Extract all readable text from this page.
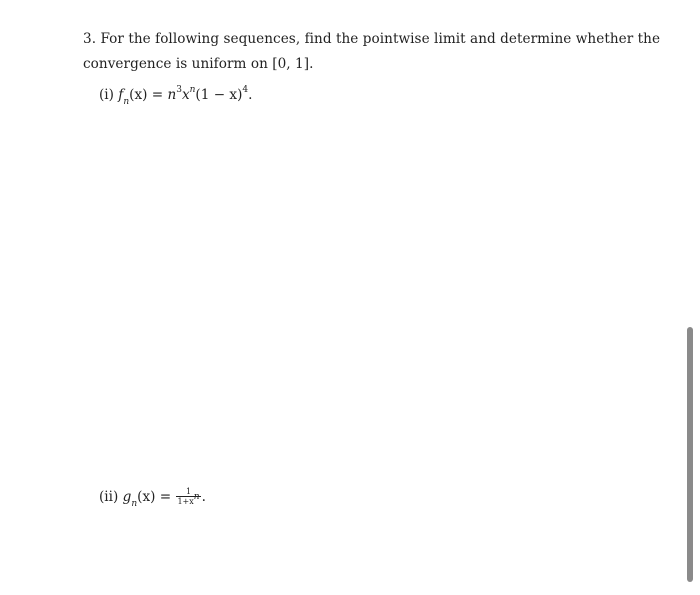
3. For the following sequences, find the pointwise limit and determine whether the
convergence is uniform on [0, 1].
(i) $f_n(x) = n^3x^n(1 - x)^4$.
(ii) $g_n(x) = \frac{1}{1+x^n}$ .
